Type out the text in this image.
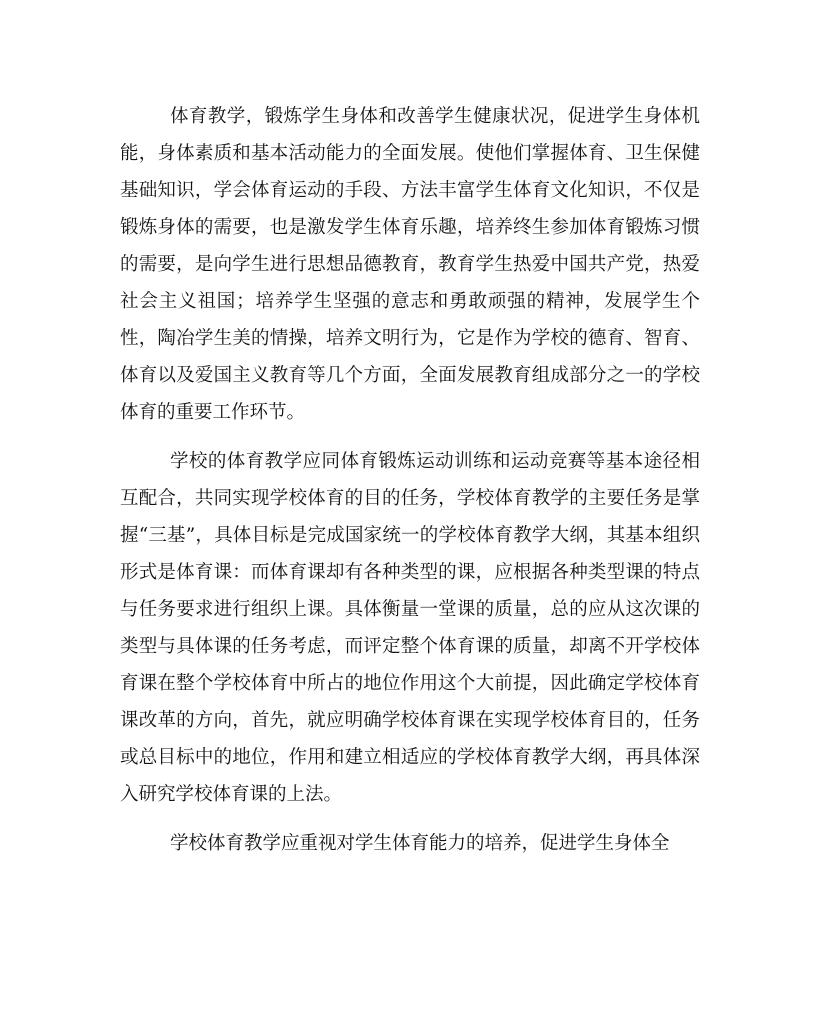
体育教学，锻炼学生身体和改善学生健康状况，促进学生身体机能，身体素质和基本活动能力的全面发展。使他们掌握体育、卫生保健基础知识，学会体育运动的手段、方法丰富学生体育文化知识，不仅是锻炼身体的需要，也是激发学生体育乐趣，培养终生参加体育锻炼习惯的需要，是向学生进行思想品德教育，教育学生热爱中国共产党，热爱社会主义祖国；培养学生坚强的意志和勇敢顽强的精神，发展学生个性，陶冶学生美的情操，培养文明行为，它是作为学校的德育、智育、体育以及爱国主义教育等几个方面，全面发展教育组成部分之一的学校体育的重要工作环节。

学校的体育教学应同体育锻炼运动训练和运动竞赛等基本途径相互配合，共同实现学校体育的目的任务，学校体育教学的主要任务是掌握“三基”，具体目标是完成国家统一的学校体育教学大纲，其基本组织形式是体育课：而体育课却有各种类型的课，应根据各种类型课的特点与任务要求进行组织上课。具体衡量一堂课的质量，总的应从这次课的类型与具体课的任务考虑，而评定整个体育课的质量，却离不开学校体育课在整个学校体育中所占的地位作用这个大前提，因此确定学校体育课改革的方向，首先，就应明确学校体育课在实现学校体育目的，任务或总目标中的地位，作用和建立相适应的学校体育教学大纲，再具体深入研究学校体育课的上法。

学校体育教学应重视对学生体育能力的培养，促进学生身体全
